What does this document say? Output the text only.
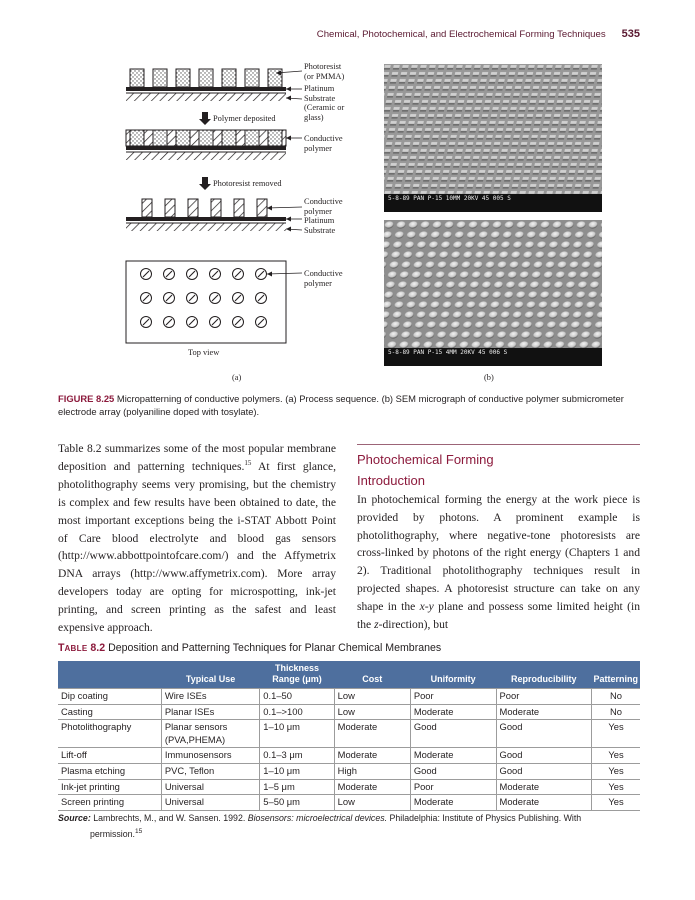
Chemical, Photochemical, and Electrochemical Forming Techniques 535
Photoresist
(or PMMA)
Platinum
Substrate
(Ceramic or
glass)
Polymer deposited
Conductive
polymer
Photoresist removed
Conductive
polymer
Platinum
Substrate
Conductive
polymer
Top view
(a)
5-8-89 PAN P-15 10MM 20KV 45 005 S
5-8-89 PAN P-15 4MM 20KV 45 006 S
(b)
FIGURE 8.25 Micropatterning of conductive polymers. (a) Process sequence. (b) SEM micrograph of conductive polymer submicrometer electrode array (polyaniline doped with tosylate).
Table 8.2 summarizes some of the most popular membrane deposition and patterning techniques.$^{15}$ At first glance, photolithography seems very promising, but the chemistry is complex and few results have been obtained to date, the most important exceptions being the i-STAT Abbott Point of Care blood electrolyte and blood gas sensors (http://www.abbottpointofcare.com/) and the Affymetrix DNA arrays (http://www.affymetrix.com). More array developers today are opting for microspotting, ink-jet printing, and screen printing as the safest and least expensive approach.
Photochemical Forming
Introduction
In photochemical forming the energy at the work piece is provided by photons. A prominent example is photolithography, where negative-tone photoresists are cross-linked by photons of the right energy (Chapters 1 and 2). Traditional photolithography techniques result in projected shapes. A photoresist structure can take on any shape in the x-y plane and possess some limited height (in the z-direction), but
TABLE 8.2 Deposition and Patterning Techniques for Planar Chemical Membranes
	Typical Use	Thickness Range (μm)	Cost	Uniformity	Reproducibility	Patterning
Dip coating	Wire ISEs	0.1–50	Low	Poor	Poor	No
Casting	Planar ISEs	0.1–>100	Low	Moderate	Moderate	No
Photolithography	Planar sensors (PVA,PHEMA)	1–10 μm	Moderate	Good	Good	Yes
Lift-off	Immunosensors	0.1–3 μm	Moderate	Moderate	Good	Yes
Plasma etching	PVC, Teflon	1–10 μm	High	Good	Good	Yes
Ink-jet printing	Universal	1–5 μm	Moderate	Poor	Moderate	Yes
Screen printing	Universal	5–50 μm	Low	Moderate	Moderate	Yes
Source: Lambrechts, M., and W. Sansen. 1992. Biosensors: microelectrical devices. Philadelphia: Institute of Physics Publishing. With
permission.$^{15}$
